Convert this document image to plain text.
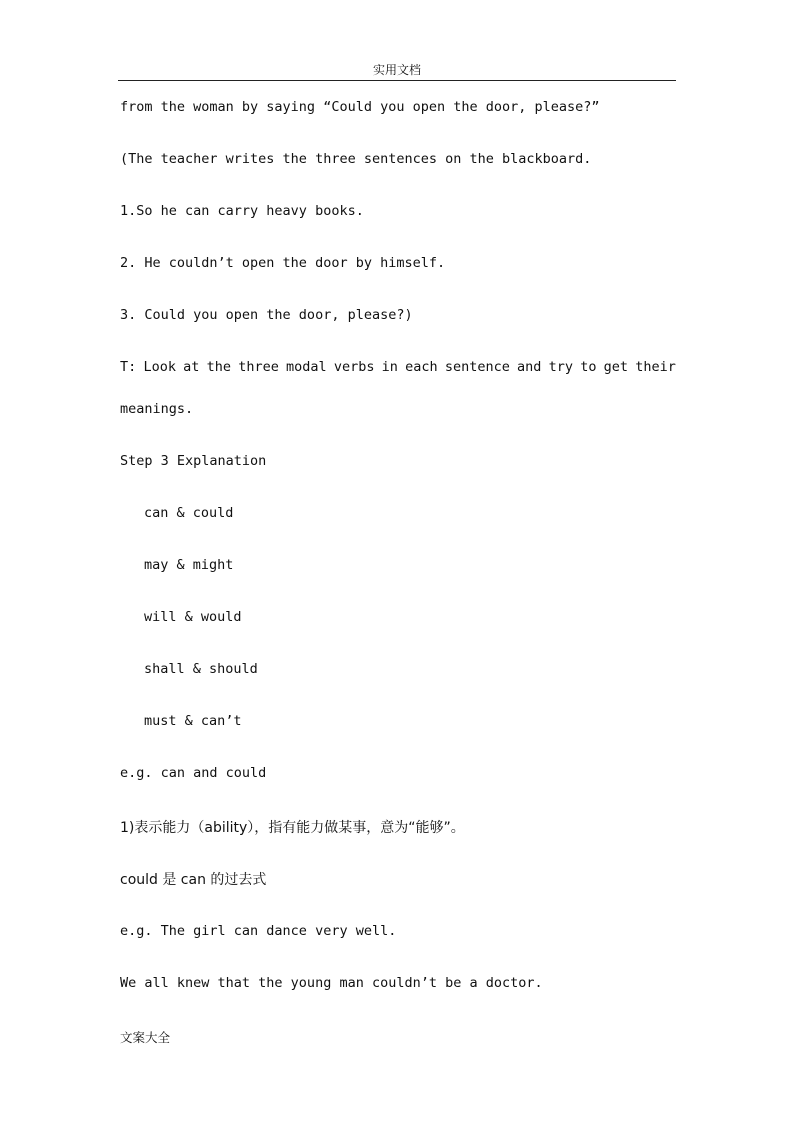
实用文档
from the woman by saying “Could you open the door, please?”
(The teacher writes the three sentences on the blackboard.
1.So he can carry heavy books.
2. He couldn’t open the door by himself.
3. Could you open the door, please?)
T: Look at the three modal verbs in each sentence and try to get their
meanings.
Step 3 Explanation
can & could
may & might
will & would
shall & should
must & can’t
e.g. can and could
1)表示能力（ability），指有能力做某事，意为“能够”。
could 是 can 的过去式
e.g. The girl can dance very well.
We all knew that the young man couldn’t be a doctor.
文案大全
